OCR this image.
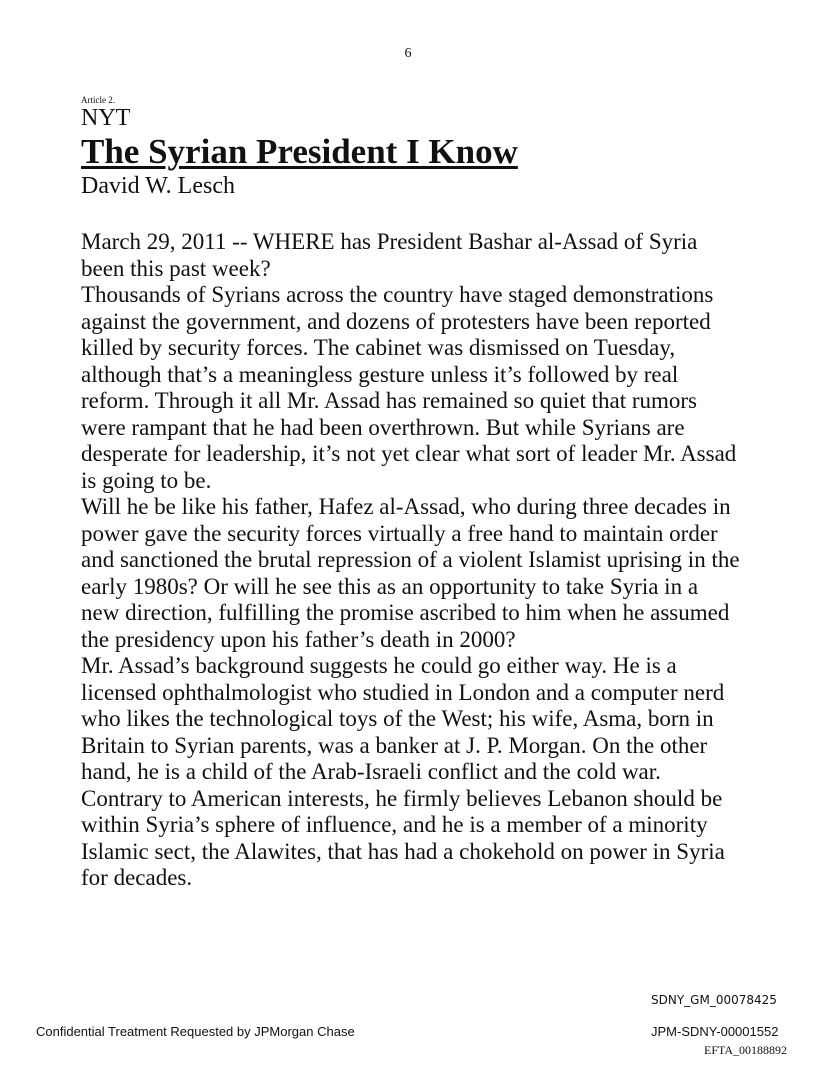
6
Article 2.
NYT
The Syrian President I Know
David W. Lesch

March 29, 2011 -- WHERE has President Bashar al-Assad of Syria been this past week?

Thousands of Syrians across the country have staged demonstrations against the government, and dozens of protesters have been reported killed by security forces. The cabinet was dismissed on Tuesday, although that’s a meaningless gesture unless it’s followed by real reform. Through it all Mr. Assad has remained so quiet that rumors were rampant that he had been overthrown. But while Syrians are desperate for leadership, it’s not yet clear what sort of leader Mr. Assad is going to be.

Will he be like his father, Hafez al-Assad, who during three decades in power gave the security forces virtually a free hand to maintain order and sanctioned the brutal repression of a violent Islamist uprising in the early 1980s? Or will he see this as an opportunity to take Syria in a new direction, fulfilling the promise ascribed to him when he assumed the presidency upon his father’s death in 2000?

Mr. Assad’s background suggests he could go either way. He is a licensed ophthalmologist who studied in London and a computer nerd who likes the technological toys of the West; his wife, Asma, born in Britain to Syrian parents, was a banker at J. P. Morgan. On the other hand, he is a child of the Arab-Israeli conflict and the cold war. Contrary to American interests, he firmly believes Lebanon should be within Syria’s sphere of influence, and he is a member of a minority Islamic sect, the Alawites, that has had a chokehold on power in Syria for decades.

SDNY_GM_00078425
Confidential Treatment Requested by JPMorgan Chase	JPM-SDNY-00001552
EFTA_00188892
